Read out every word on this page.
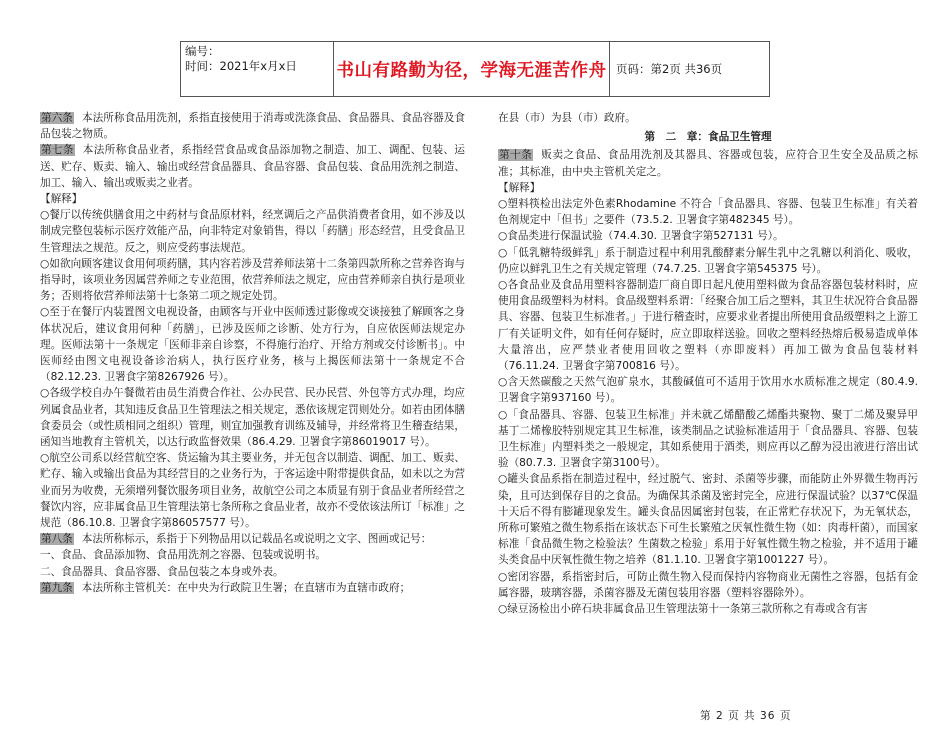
编号：
时间：2021年x月x日	书山有路勤为径，学海无涯苦作舟 页码：第2页 共36页

第六条 本法所称食品用洗剂，系指直接使用于消毒或洗涤食品、食品器具、食品容器及食品包装之物质。

第七条 本法所称食品业者，系指经营食品或食品添加物之制造、加工、调配、包装、运送、贮存、贩卖、输入、输出或经营食品器具、食品容器、食品包装、食品用洗剂之制造、加工、输入、输出或贩卖之业者。

【解释】

○餐厅以传统供膳食用之中药材与食品原材料，经烹调后之产品供消费者食用，如不涉及以制成完整包装标示医疗效能产品，向非特定对象销售，得以「药膳」形态经营，且受食品卫生管理法之规范。反之，则应受药事法规范。

○如欲向顾客建议食用何项药膳，其内容若涉及营养师法第十二条第四款所称之营养咨询与指导时，该项业务因属营养师之专业范围，依营养师法之规定，应由营养师亲自执行是项业务；否则将依营养师法第十七条第二项之规定处罚。

○至于在餐厅内装置图文电视设备，由顾客与开业中医师透过影像或交谈接独了解顾客之身体状况后，建议食用何种「药膳」，已涉及医师之诊断、处方行为，自应依医师法规定办理。医师法第十一条规定「医师非亲自诊察，不得施行治疗、开给方剂或交付诊断书」。中医师经由图文电视设备诊治病人，执行医疗业务，核与上揭医师法第十一条规定不合（82.12.23. 卫署食字第8267926 号）。

○各级学校自办午餐微若由员生消费合作社、公办民营、民办民营、外包等方式办理，均应列属食品业者，其知违反食品卫生管理法之相关规定，悉依该规定罚则处分。如若由团体膳食委员会（或性质相同之组织）管理，则宜加强教育训练及辅导，并经常将卫生稽查结果，函知当地教育主管机关，以达行政监督效果（86.4.29. 卫署食字第86019017 号）。

○航空公司系以经营航空客、货运输为其主要业务，并无包含以制造、调配、加工、贩卖、贮存、输入或输出食品为其经营目的之业务行为，于客运途中附带提供食品，如未以之为营业而另为收费，无须增列餐饮服务项目业务，故航空公司之本质显有别于食品业者所经营之餐饮内容，应非属食品卫生管理法第七条所称之食品业者，故亦不受依该法所订「标准」之规范（86.10.8. 卫署食字第86057577 号）。

第八条 本法所称标示，系指于下列物品用以记载品名或说明之文字、图画或记号：

一、食品、食品添加物、食品用洗剂之容器、包装或说明书。

二、食品器具、食品容器、食品包装之本身或外表。

第九条 本法所称主管机关：在中央为行政院卫生署；在直辖市为直辖市政府；

在县（市）为县（市）政府。

第　二　章：食品卫生管理

第十条 贩卖之食品、食品用洗剂及其器具、容器或包装，应符合卫生安全及品质之标准；其标准，由中央主管机关定之。

【解释】

○塑料筷检出法定外色素Rhodamine 不符合「食品器具、容器、包装卫生标准」有关着色剂规定中「但书」之要件（73.5.2. 卫署食字第482345 号）。

○食品类进行保温试验（74.4.30. 卫署食字第527131 号）。

○「低乳糖特级鲜乳」系于制造过程中利用乳酸酵素分解生乳中之乳糖以利消化、吸收，仍应以鲜乳卫生之有关规定管理（74.7.25. 卫署食字第545375 号）。

○各食品业及食品用塑料容器制造厂商自即日起凡使用塑料做为食品容器包装材料时，应使用食品级塑料为材料。食品级塑料系谓：「经聚合加工后之塑料，其卫生状况符合食品器具、容器、包装卫生标准者。」于进行稽查时，应要求业者提出所使用食品级塑料之上游工厂有关证明文件，如有任何存疑时，应立即取样送验。回收之塑料经热熔后极易造成单体大量溶出，应严禁业者使用回收之塑料（亦即废料）再加工做为食品包装材料（76.11.24. 卫署食字第700816 号）。

○含天然碳酸之天然气泡矿泉水，其酸碱值可不适用于饮用水水质标准之规定（80.4.9. 卫署食字第937160 号）。

○「食品器具、容器、包装卫生标准」并未就乙烯醋酸乙烯酯共聚物、聚丁二烯及聚异甲基丁二烯橡胶特别规定其卫生标准，该类制品之试验标准适用于「食品器具、容器、包装卫生标准」内塑料类之一般规定，其如系使用于酒类，则应再以乙醇为浸出液进行溶出试验（80.7.3. 卫署食字第3100号）。

○罐头食品系指在制造过程中，经过脱气、密封、杀菌等步骤，而能防止外界微生物再污染，且可达到保存目的之食品。为确保其杀菌及密封完全，应进行保温试验？以37℃保温十天后不得有膨罐现象发生。罐头食品因属密封包装，在正常贮存状况下，为无氧状态，所称可繁殖之微生物系指在该状态下可生长繁殖之厌氧性微生物（如：肉毒杆菌），而国家标准「食品微生物之检验法？生菌数之检验」系用于好氧性微生物之检验，并不适用于罐头类食品中厌氧性微生物之培养（81.1.10. 卫署食字第1001227 号）。

○密闭容器，系指密封后，可防止微生物入侵而保持内容物商业无菌性之容器，包括有金属容器，玻璃容器，杀菌容器及无菌包装用容器（塑料容器除外）。

○绿豆汤检出小碎石块非属食品卫生管理法第十一条第三款所称之有毒或含有害

第 2 页 共 36 页
